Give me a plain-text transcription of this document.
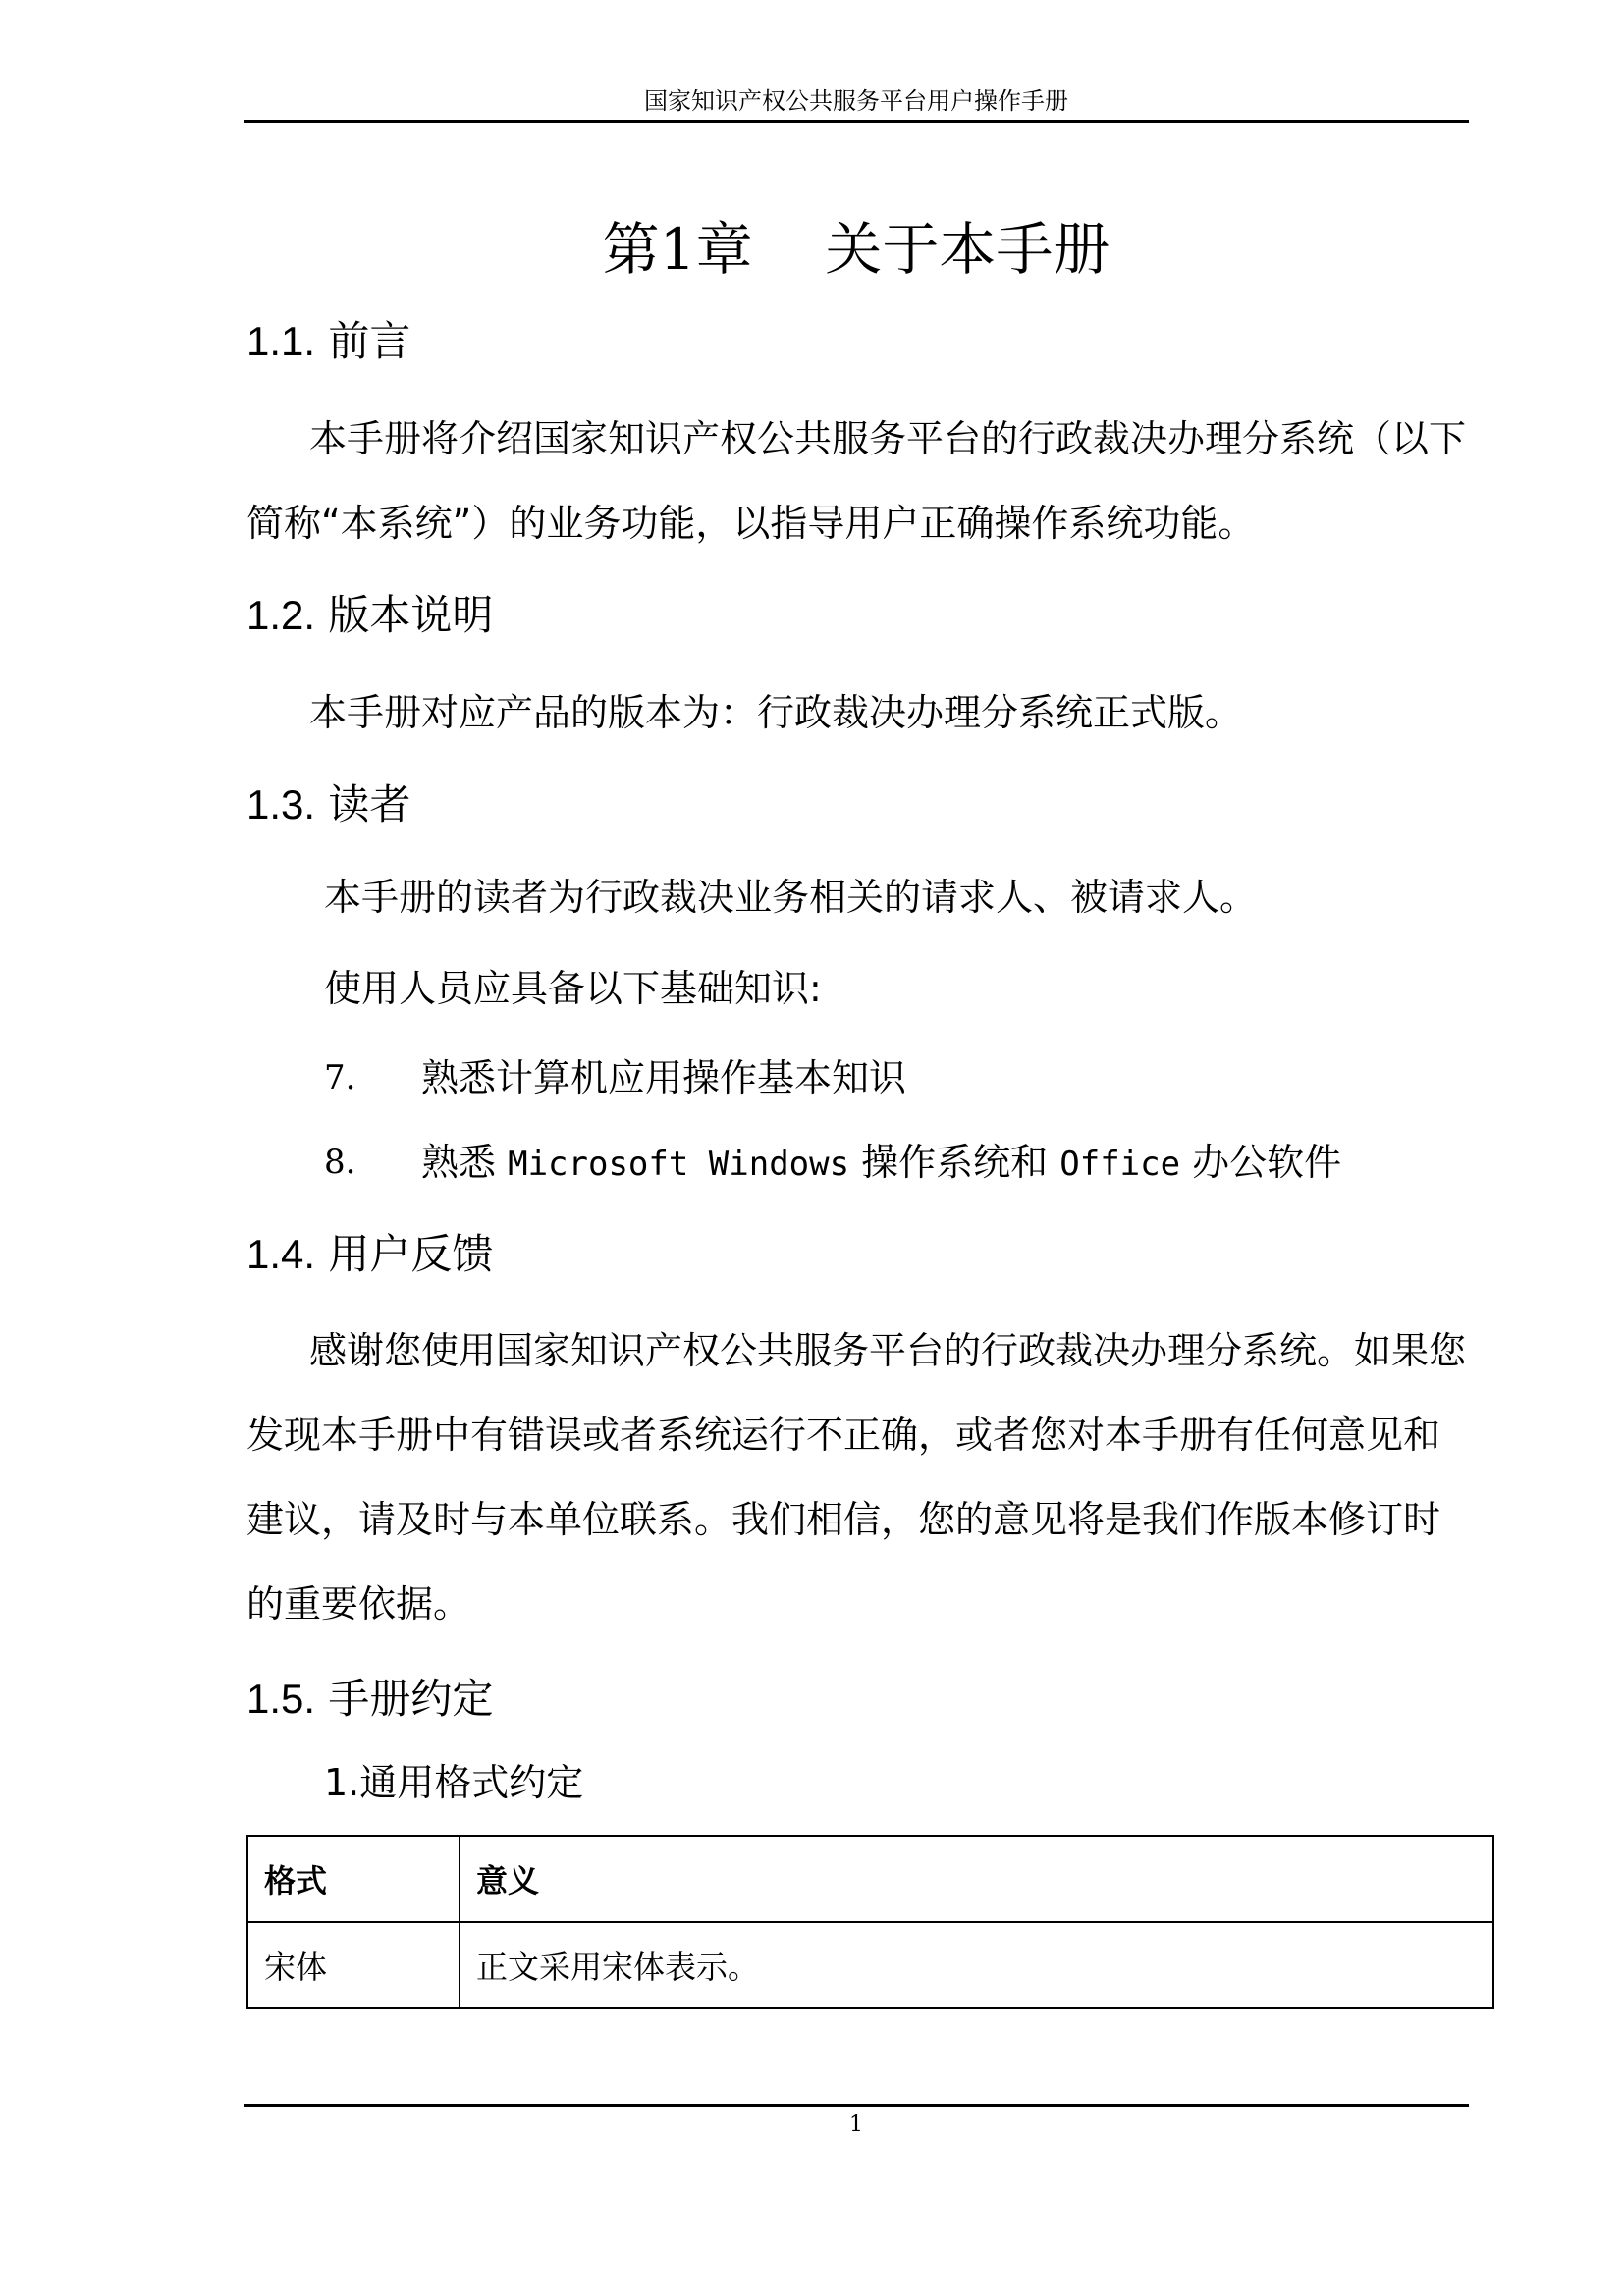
国家知识产权公共服务平台用户操作手册
第1章    关于本手册
1.1. 前言

本手册将介绍国家知识产权公共服务平台的行政裁决办理分系统（以下简称“本系统”）的业务功能，以指导用户正确操作系统功能。

1.2. 版本说明

本手册对应产品的版本为：行政裁决办理分系统正式版。

1.3. 读者
本手册的读者为行政裁决业务相关的请求人、被请求人。
使用人员应具备以下基础知识:
7. 熟悉计算机应用操作基本知识
8. 熟悉 Microsoft Windows 操作系统和 Office 办公软件
1.4. 用户反馈

感谢您使用国家知识产权公共服务平台的行政裁决办理分系统。如果您发现本手册中有错误或者系统运行不正确，或者您对本手册有任何意见和建议，请及时与本单位联系。我们相信，您的意见将是我们作版本修订时的重要依据。

1.5. 手册约定
1.通用格式约定
格式	意义
宋体	正文采用宋体表示。
1
